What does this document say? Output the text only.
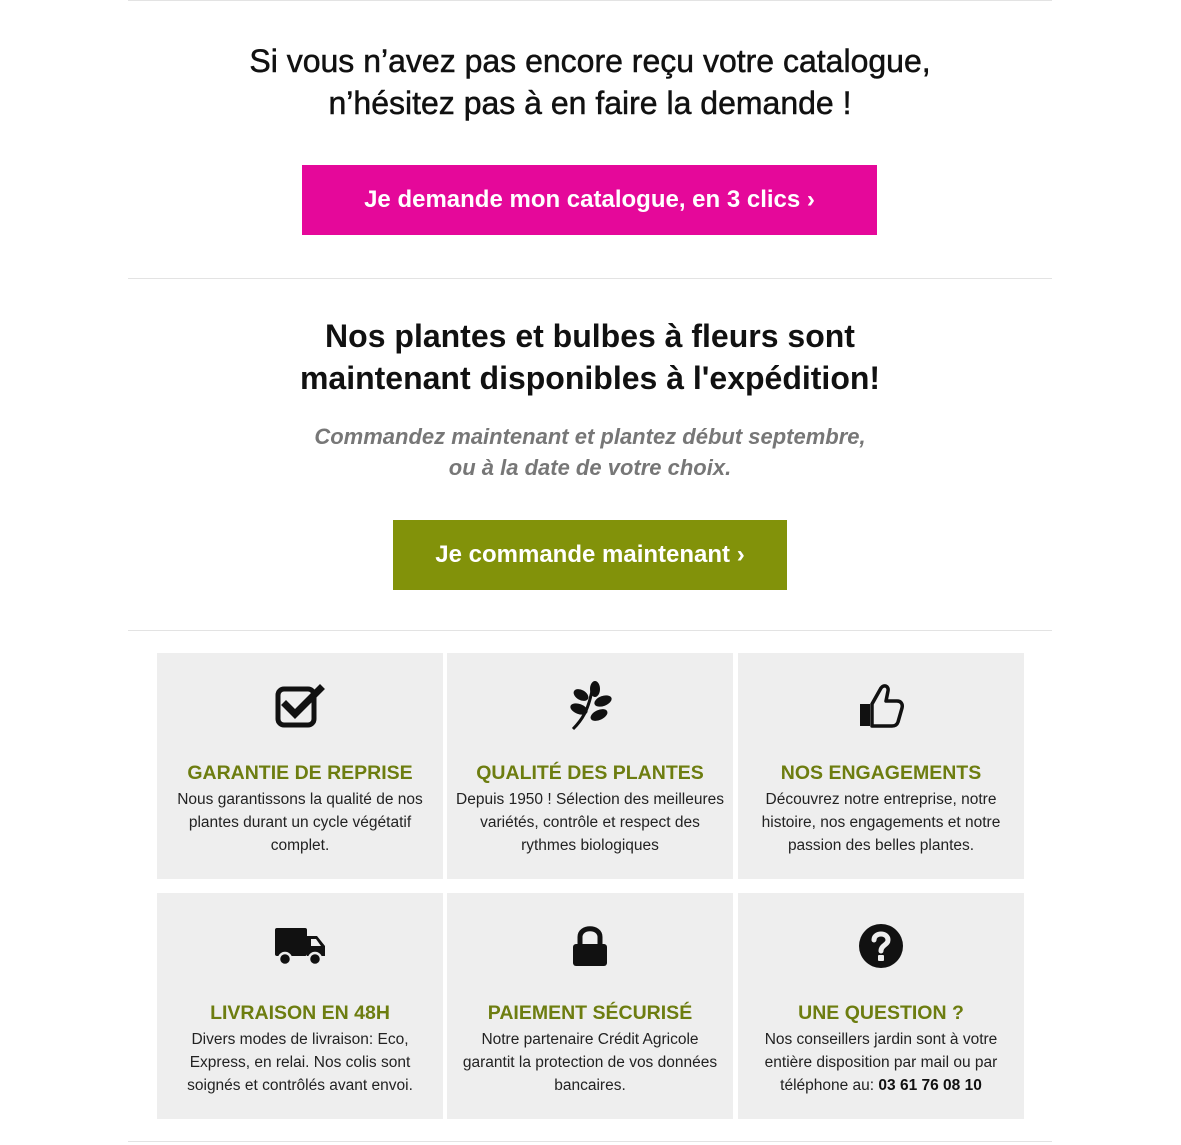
Si vous n’avez pas encore reçu votre catalogue,
n’hésitez pas à en faire la demande !
Je demande mon catalogue, en 3 clics ›
Nos plantes et bulbes à fleurs sont
maintenant disponibles à l'expédition!
Commandez maintenant et plantez début septembre,
ou à la date de votre choix.
Je commande maintenant ›
GARANTIE DE REPRISE
Nous garantissons la qualité de nos plantes durant un cycle végétatif complet.
QUALITÉ DES PLANTES
Depuis 1950 ! Sélection des meilleures variétés, contrôle et respect des rythmes biologiques
NOS ENGAGEMENTS
Découvrez notre entreprise, notre histoire, nos engagements et notre passion des belles plantes.
LIVRAISON EN 48H
Divers modes de livraison: Eco, Express, en relai. Nos colis sont soignés et contrôlés avant envoi.
PAIEMENT SÉCURISÉ
Notre partenaire Crédit Agricole garantit la protection de vos données bancaires.
UNE QUESTION ?
Nos conseillers jardin sont à votre entière disposition par mail ou par téléphone au: 03 61 76 08 10
